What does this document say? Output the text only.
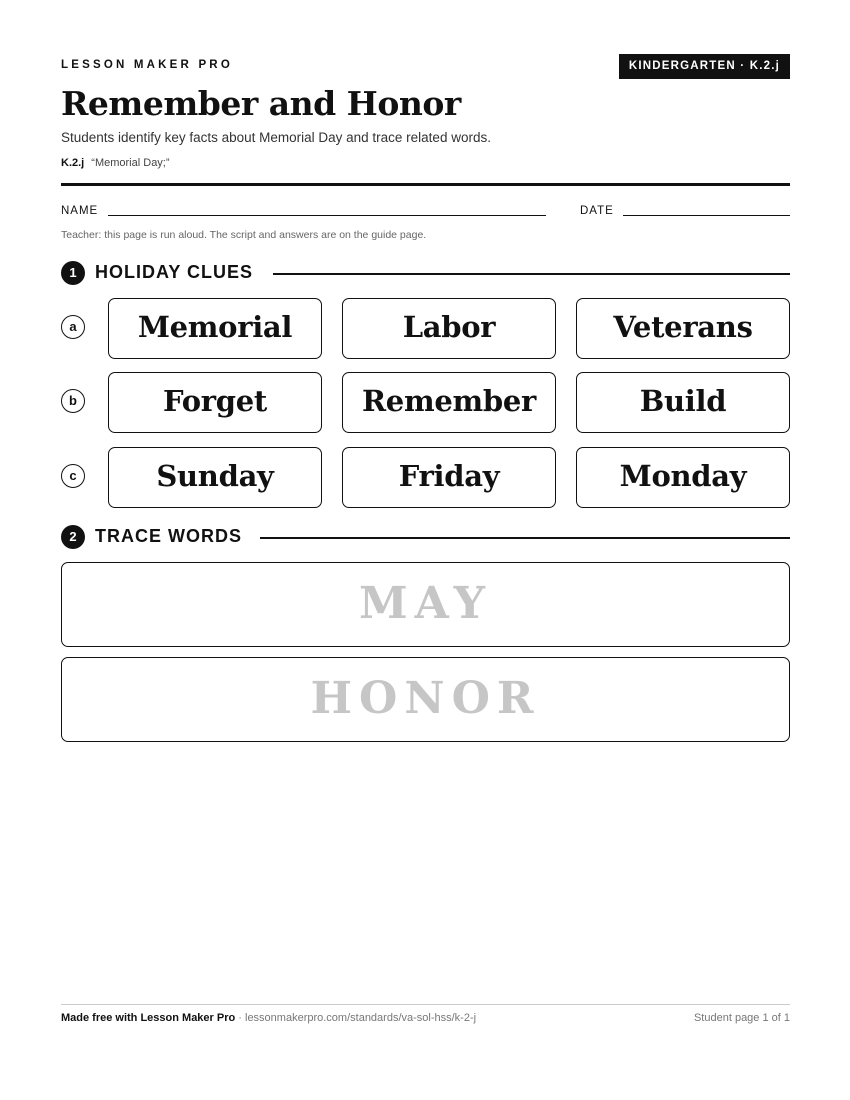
LESSON MAKER PRO	KINDERGARTEN · K.2.j
Remember and Honor
Students identify key facts about Memorial Day and trace related words.
K.2.j “Memorial Day;”
NAME	DATE
Teacher: this page is run aloud. The script and answers are on the guide page.
1	HOLIDAY CLUES
a	Memorial	Labor	Veterans
b	Forget	Remember	Build
c	Sunday	Friday	Monday
2	TRACE WORDS
MAY
HONOR
Made free with Lesson Maker Pro · lessonmakerpro.com/standards/va-sol-hss/k-2-j	Student page 1 of 1
